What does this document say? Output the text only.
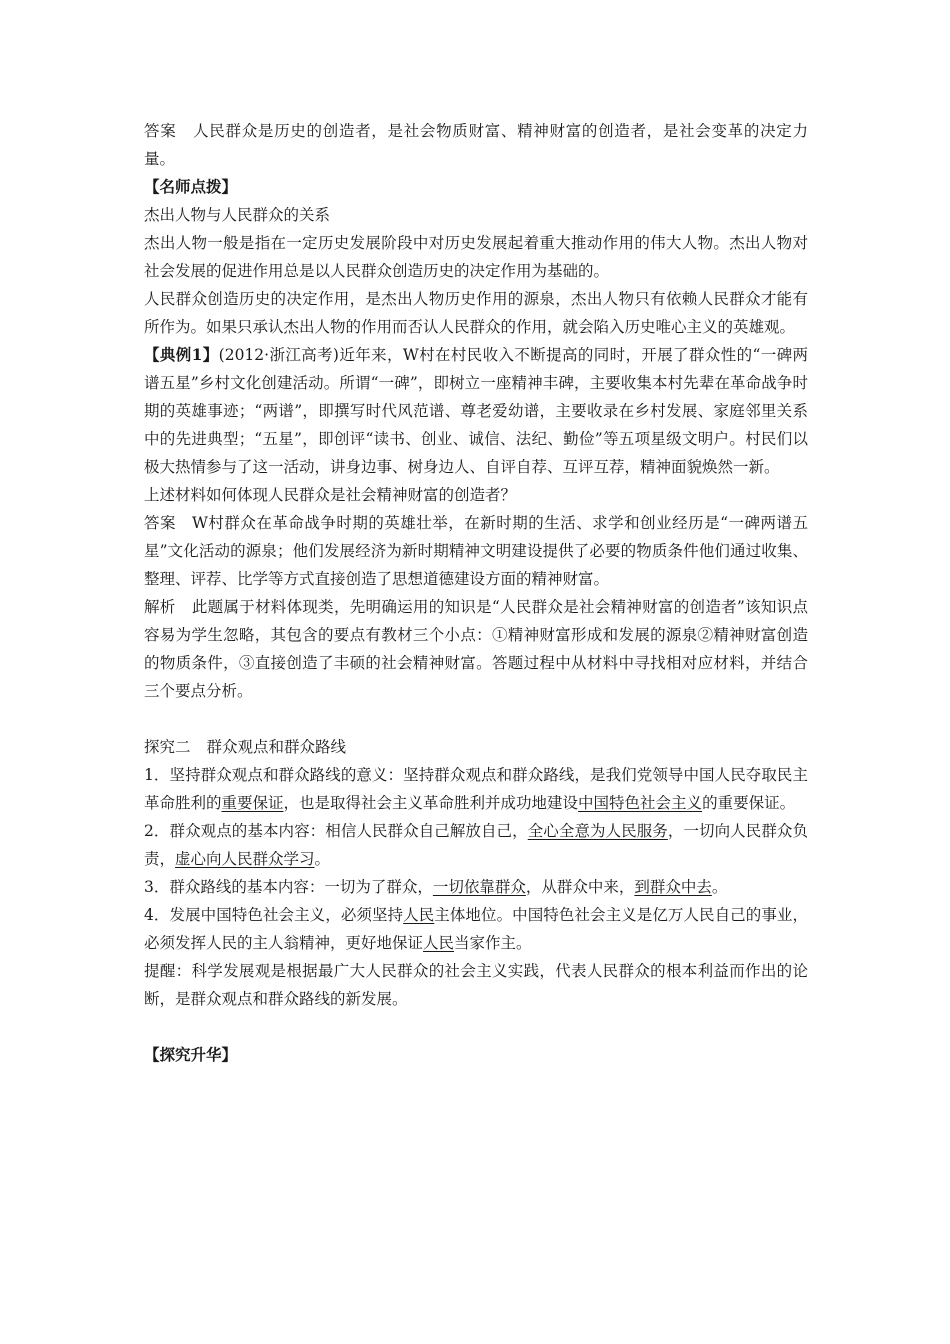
答案 人民群众是历史的创造者，是社会物质财富、精神财富的创造者，是社会变革的决定力量。

【名师点拨】

杰出人物与人民群众的关系

杰出人物一般是指在一定历史发展阶段中对历史发展起着重大推动作用的伟大人物。杰出人物对社会发展的促进作用总是以人民群众创造历史的决定作用为基础的。

人民群众创造历史的决定作用，是杰出人物历史作用的源泉，杰出人物只有依赖人民群众才能有所作为。如果只承认杰出人物的作用而否认人民群众的作用，就会陷入历史唯心主义的英雄观。

【典例1】(2012·浙江高考)近年来，W村在村民收入不断提高的同时，开展了群众性的“一碑两谱五星”乡村文化创建活动。所谓“一碑”，即树立一座精神丰碑，主要收集本村先辈在革命战争时期的英雄事迹；“两谱”，即撰写时代风范谱、尊老爱幼谱，主要收录在乡村发展、家庭邻里关系中的先进典型；“五星”，即创评“读书、创业、诚信、法纪、勤俭”等五项星级文明户。村民们以极大热情参与了这一活动，讲身边事、树身边人、自评自荐、互评互荐，精神面貌焕然一新。

上述材料如何体现人民群众是社会精神财富的创造者？

答案 W村群众在革命战争时期的英雄壮举，在新时期的生活、求学和创业经历是“一碑两谱五星”文化活动的源泉；他们发展经济为新时期精神文明建设提供了必要的物质条件他们通过收集、整理、评荐、比学等方式直接创造了思想道德建设方面的精神财富。

解析 此题属于材料体现类，先明确运用的知识是“人民群众是社会精神财富的创造者”该知识点容易为学生忽略，其包含的要点有教材三个小点：①精神财富形成和发展的源泉②精神财富创造的物质条件，③直接创造了丰硕的社会精神财富。答题过程中从材料中寻找相对应材料，并结合三个要点分析。

探究二 群众观点和群众路线

1．坚持群众观点和群众路线的意义：坚持群众观点和群众路线，是我们党领导中国人民夺取民主革命胜利的重要保证，也是取得社会主义革命胜利并成功地建设中国特色社会主义的重要保证。

2．群众观点的基本内容：相信人民群众自己解放自己，全心全意为人民服务，一切向人民群众负责，虚心向人民群众学习。

3．群众路线的基本内容：一切为了群众，一切依靠群众，从群众中来，到群众中去。

4．发展中国特色社会主义，必须坚持人民主体地位。中国特色社会主义是亿万人民自己的事业，必须发挥人民的主人翁精神，更好地保证人民当家作主。

提醒：科学发展观是根据最广大人民群众的社会主义实践，代表人民群众的根本利益而作出的论断，是群众观点和群众路线的新发展。

【探究升华】
